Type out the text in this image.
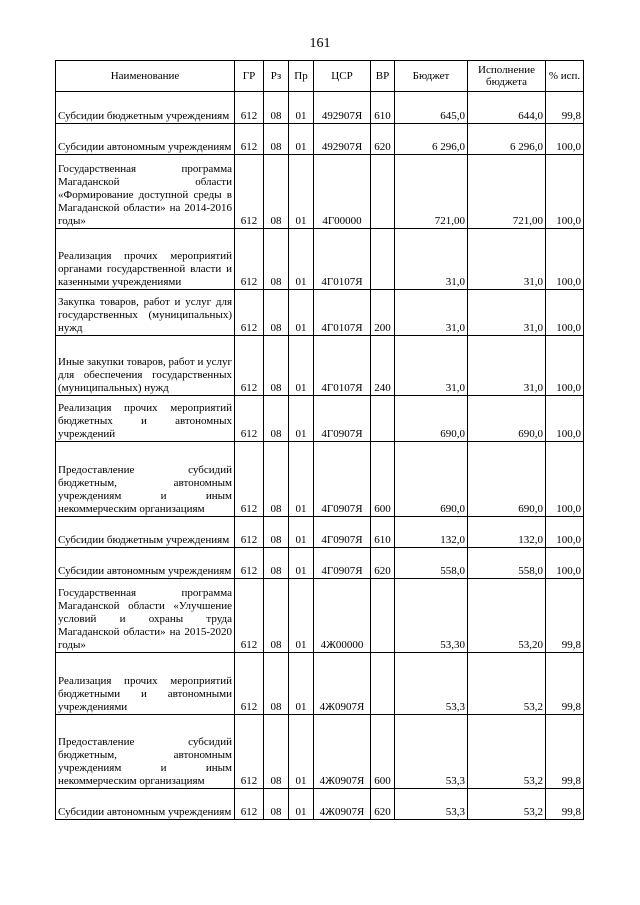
161
Наименование	ГР	Рз	Пр	ЦСР	ВР	Бюджет	Исполнение бюджета	% исп.
Субсидии бюджетным учреждениям	612	08	01	492907Я	610	645,0	644,0	99,8
Субсидии автономным учреждениям	612	08	01	492907Я	620	6 296,0	6 296,0	100,0
Государственная программа Магаданской области «Формирование доступной среды в Магаданской области» на 2014-2016 годы»	612	08	01	4Г00000		721,00	721,00	100,0
Реализация прочих мероприятий органами государственной власти и казенными учреждениями	612	08	01	4Г0107Я		31,0	31,0	100,0
Закупка товаров, работ и услуг для государственных (муниципальных) нужд	612	08	01	4Г0107Я	200	31,0	31,0	100,0
Иные закупки товаров, работ и услуг для обеспечения государственных (муниципальных) нужд	612	08	01	4Г0107Я	240	31,0	31,0	100,0
Реализация прочих мероприятий бюджетных и автономных учреждений	612	08	01	4Г0907Я		690,0	690,0	100,0
Предоставление субсидий бюджетным, автономным учреждениям и иным некоммерческим организациям	612	08	01	4Г0907Я	600	690,0	690,0	100,0
Субсидии бюджетным учреждениям	612	08	01	4Г0907Я	610	132,0	132,0	100,0
Субсидии автономным учреждениям	612	08	01	4Г0907Я	620	558,0	558,0	100,0
Государственная программа Магаданской области «Улучшение условий и охраны труда Магаданской области» на 2015-2020 годы»	612	08	01	4Ж00000		53,30	53,20	99,8
Реализация прочих мероприятий бюджетными и автономными учреждениями	612	08	01	4Ж0907Я		53,3	53,2	99,8
Предоставление субсидий бюджетным, автономным учреждениям и иным некоммерческим организациям	612	08	01	4Ж0907Я	600	53,3	53,2	99,8
Субсидии автономным учреждениям	612	08	01	4Ж0907Я	620	53,3	53,2	99,8
